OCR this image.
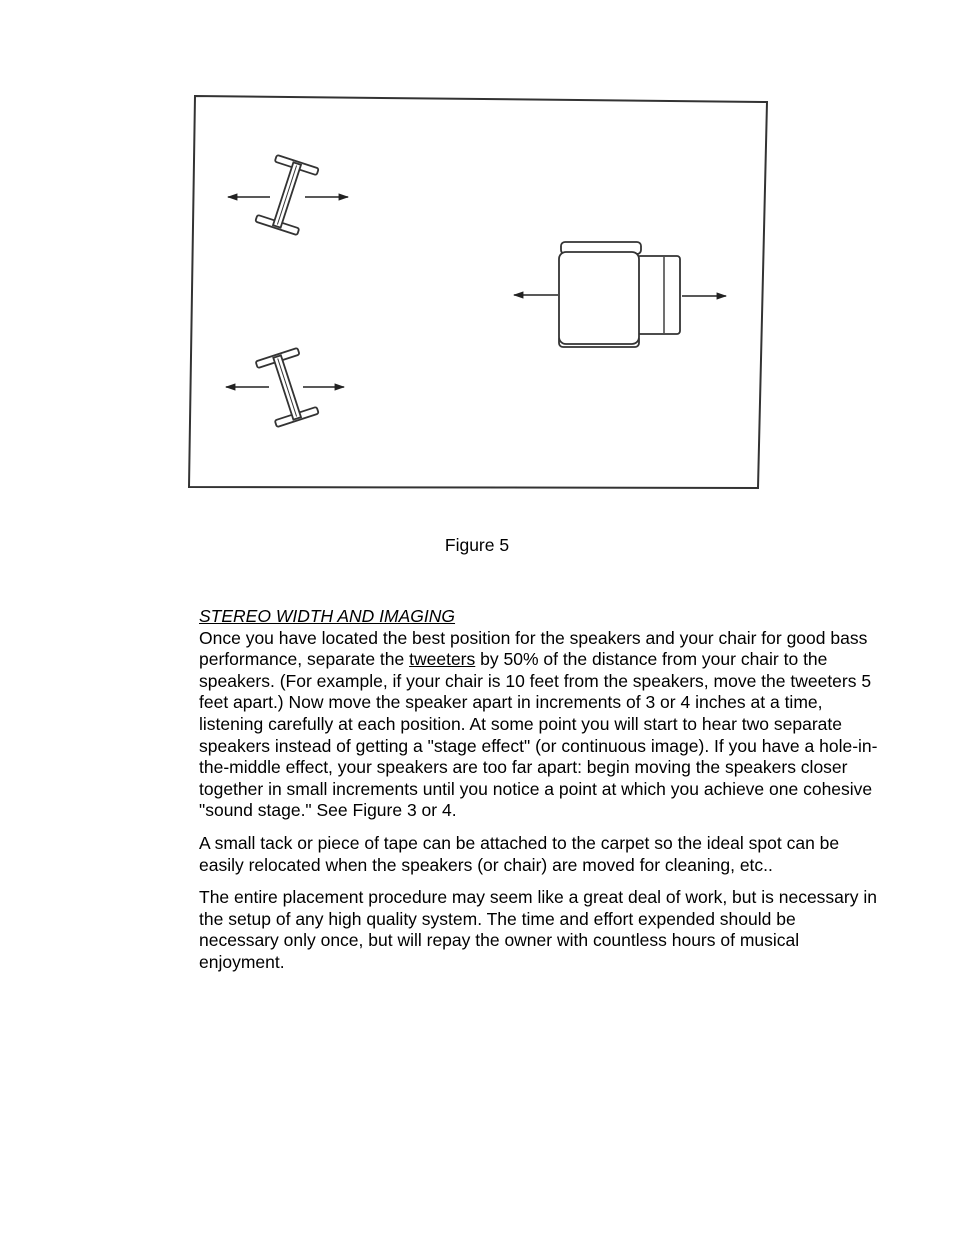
Figure 5

STEREO WIDTH AND IMAGING

Once you have located the best position for the speakers and your chair for good bass performance, separate the tweeters by 50% of the distance from your chair to the speakers. (For example, if your chair is 10 feet from the speakers, move the tweeters 5 feet apart.) Now move the speaker apart in increments of 3 or 4 inches at a time, listening carefully at each position. At some point you will start to hear two separate speakers instead of getting a "stage effect" (or continuous image). If you have a hole-in-the-middle effect, your speakers are too far apart: begin moving the speakers closer together in small increments until you notice a point at which you achieve one cohesive "sound stage." See Figure 3 or 4.

A small tack or piece of tape can be attached to the carpet so the ideal spot can be easily relocated when the speakers (or chair) are moved for cleaning, etc..

The entire placement procedure may seem like a great deal of work, but is necessary in the setup of any high quality system. The time and effort expended should be necessary only once, but will repay the owner with countless hours of musical enjoyment.
